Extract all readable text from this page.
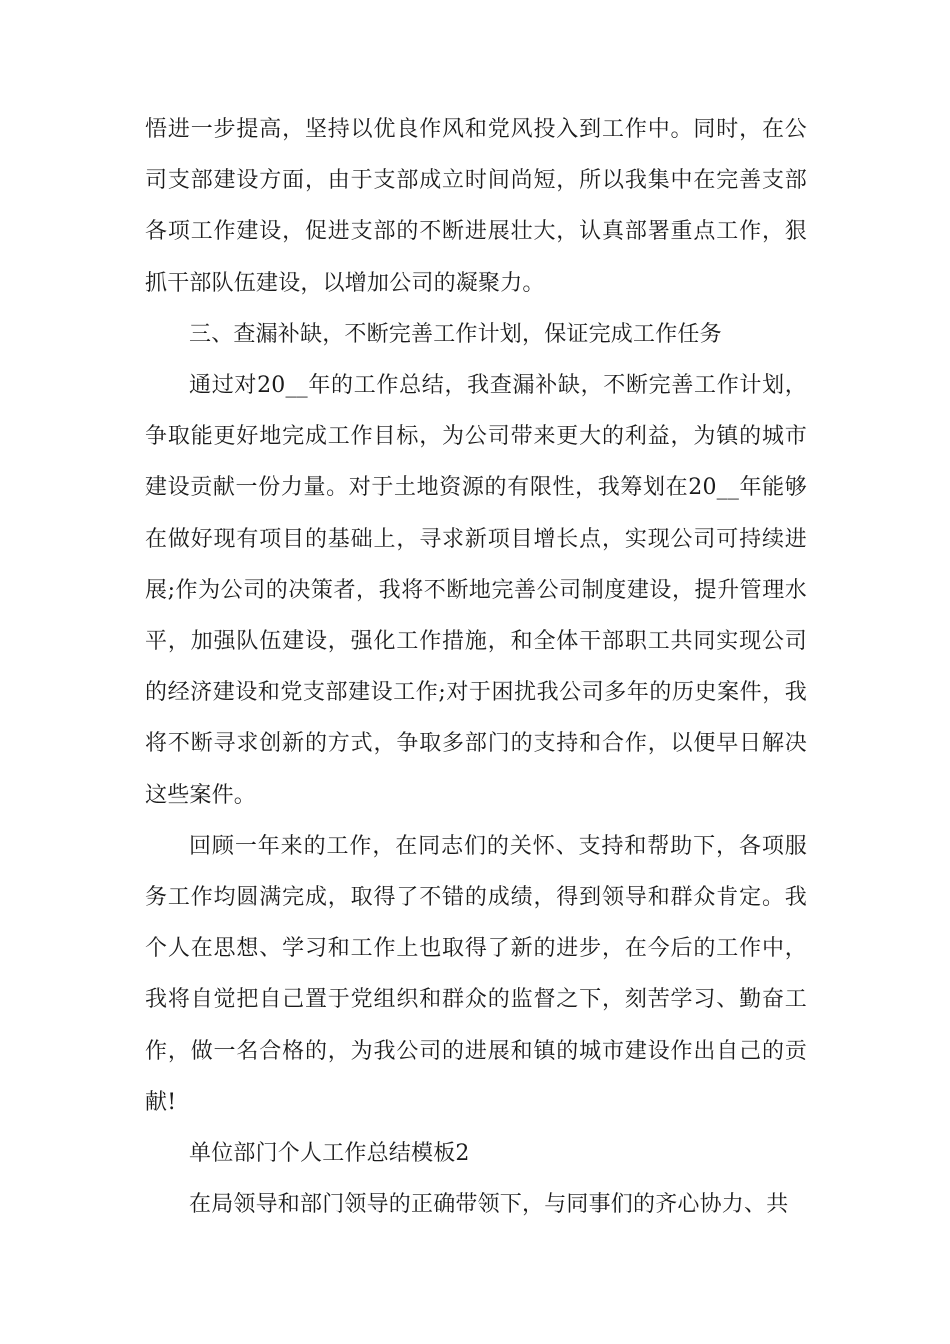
悟进一步提高，坚持以优良作风和党风投入到工作中。同时，在公司支部建设方面，由于支部成立时间尚短，所以我集中在完善支部各项工作建设，促进支部的不断进展壮大，认真部署重点工作，狠抓干部队伍建设，以增加公司的凝聚力。

三、查漏补缺，不断完善工作计划，保证完成工作任务

通过对20__年的工作总结，我查漏补缺，不断完善工作计划，争取能更好地完成工作目标，为公司带来更大的利益，为镇的城市建设贡献一份力量。对于土地资源的有限性，我筹划在20__年能够在做好现有项目的基础上，寻求新项目增长点，实现公司可持续进展;作为公司的决策者，我将不断地完善公司制度建设，提升管理水平，加强队伍建设，强化工作措施，和全体干部职工共同实现公司的经济建设和党支部建设工作;对于困扰我公司多年的历史案件，我将不断寻求创新的方式，争取多部门的支持和合作，以便早日解决这些案件。

回顾一年来的工作，在同志们的关怀、支持和帮助下，各项服务工作均圆满完成，取得了不错的成绩，得到领导和群众肯定。我个人在思想、学习和工作上也取得了新的进步，在今后的工作中，我将自觉把自己置于党组织和群众的监督之下，刻苦学习、勤奋工作，做一名合格的，为我公司的进展和镇的城市建设作出自己的贡献!

单位部门个人工作总结模板2

在局领导和部门领导的正确带领下，与同事们的齐心协力、共
